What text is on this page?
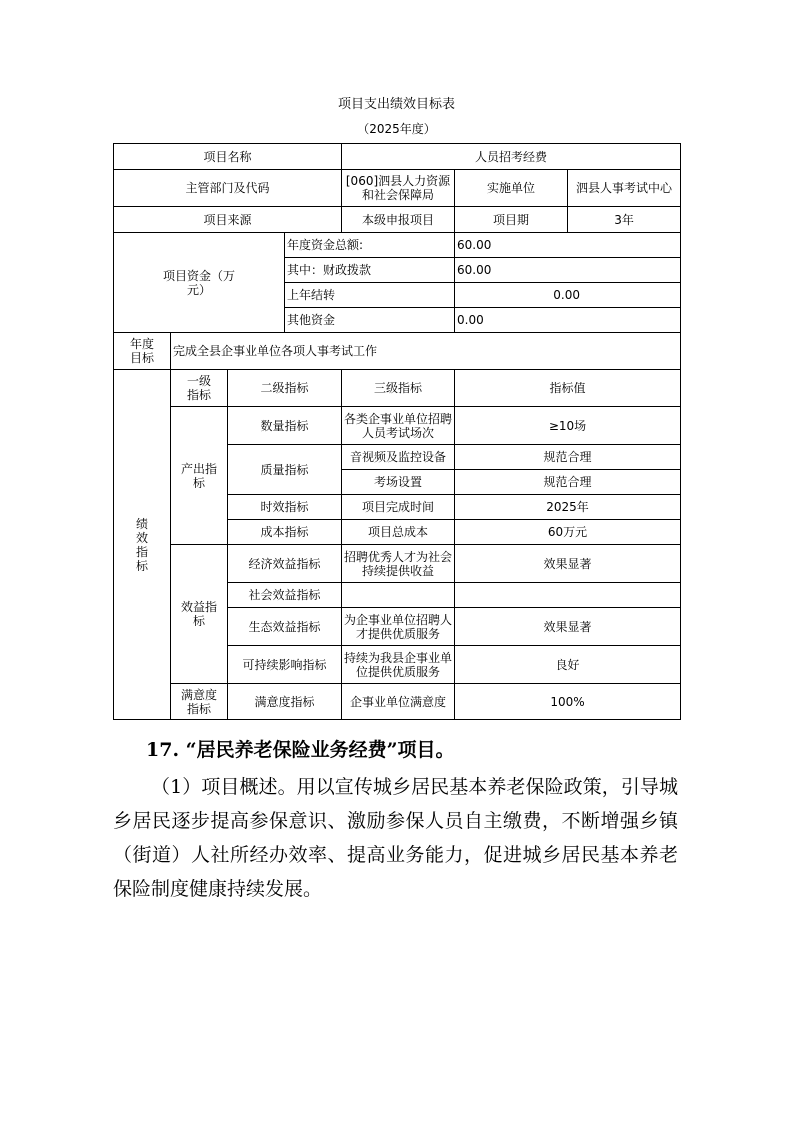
项目支出绩效目标表
（2025年度）
项目名称				人员招考经费		
主管部门及代码				[060]泗县人力资源和社会保障局	实施单位	泗县人事考试中心
项目来源				本级申报项目	项目期	3年
项目资金（万元）			年度资金总额:		60.00	
			其中：财政拨款		60.00	
			上年结转		0.00	
			其他资金		0.00	
年度目标	完成全县企事业单位各项人事考试工作					
绩效指标	一级指标	二级指标		三级指标	指标值	
	产出指标	数量指标		各类企事业单位招聘人员考试场次	≥10场	
		质量指标		音视频及监控设备	规范合理	
				考场设置	规范合理	
		时效指标		项目完成时间	2025年	
		成本指标		项目总成本	60万元	
	效益指标	经济效益指标		招聘优秀人才为社会持续提供收益	效果显著	
		社会效益指标				
		生态效益指标		为企事业单位招聘人才提供优质服务	效果显著	
		可持续影响指标		持续为我县企事业单位提供优质服务	良好	
	满意度指标	满意度指标		企事业单位满意度	100%	
17. “居民养老保险业务经费”项目。

（1）项目概述。用以宣传城乡居民基本养老保险政策，引导城乡居民逐步提高参保意识、激励参保人员自主缴费，不断增强乡镇（街道）人社所经办效率、提高业务能力，促进城乡居民基本养老保险制度健康持续发展。
